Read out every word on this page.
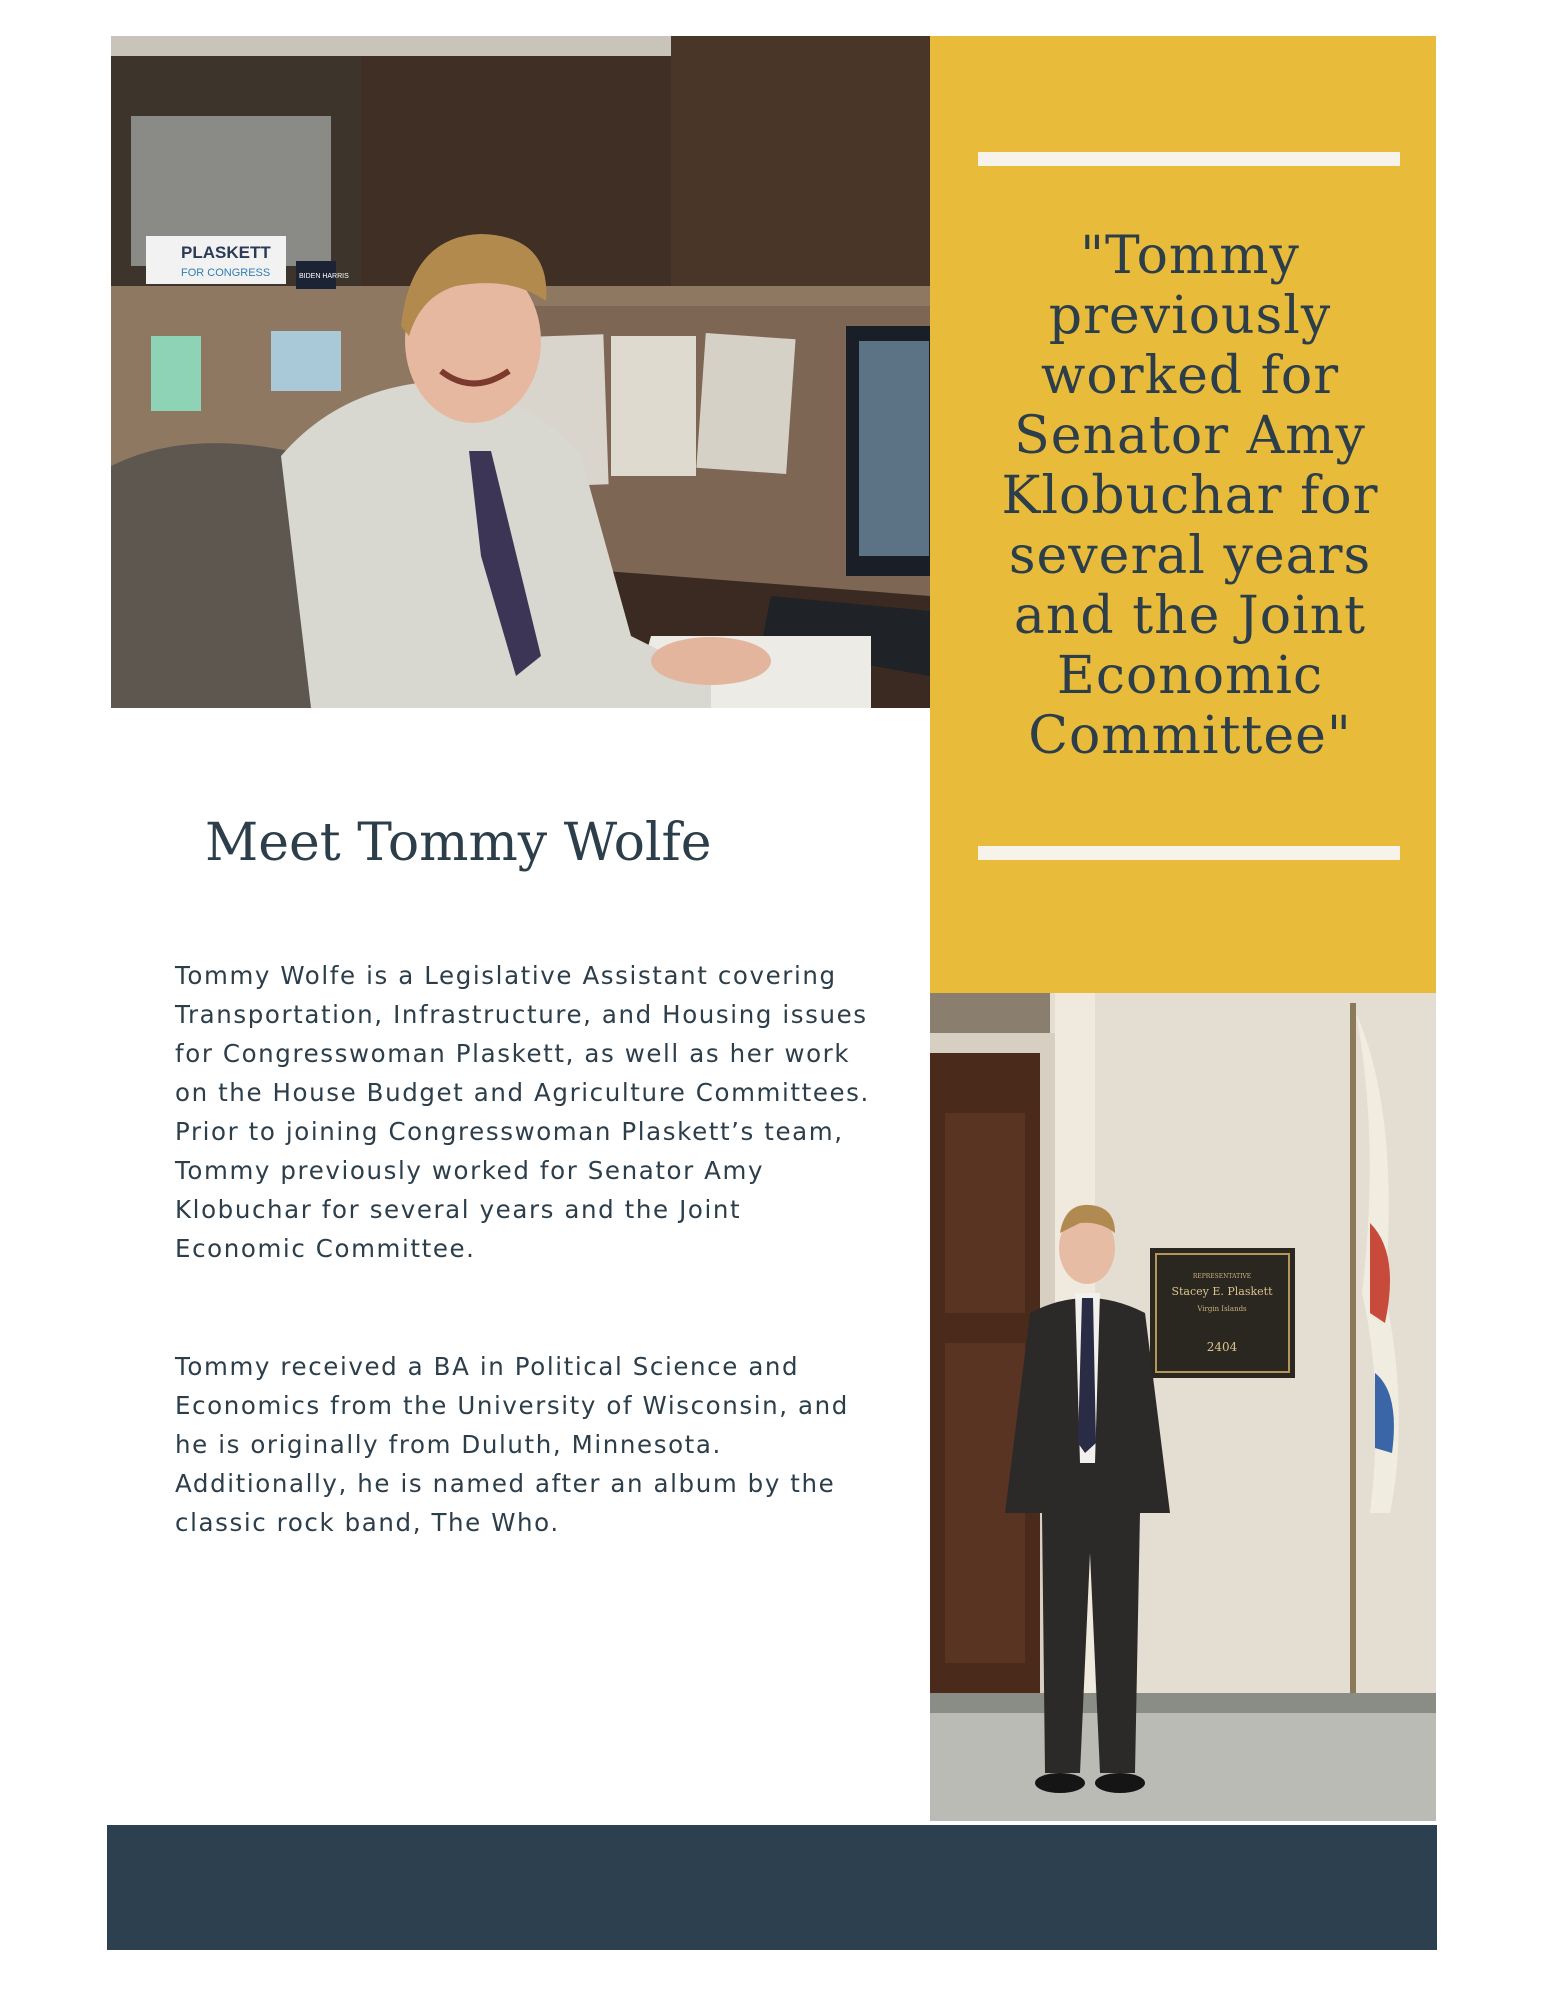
PLASKETT
FOR CONGRESS	BIDEN HARRIS	"Tommy previously worked for Senator Amy Klobuchar for several years and the Joint Economic Committee"

Meet Tommy Wolfe

Tommy Wolfe is a Legislative Assistant covering Transportation, Infrastructure, and Housing issues for Congresswoman Plaskett, as well as her work on the House Budget and Agriculture Committees. Prior to joining Congresswoman Plaskett’s team, Tommy previously worked for Senator Amy Klobuchar for several years and the Joint Economic Committee.

Tommy received a BA in Political Science and Economics from the University of Wisconsin, and he is originally from Duluth, Minnesota. Additionally, he is named after an album by the classic rock band, The Who.

REPRESENTATIVE
Stacey E. Plaskett
Virgin Islands
2404
